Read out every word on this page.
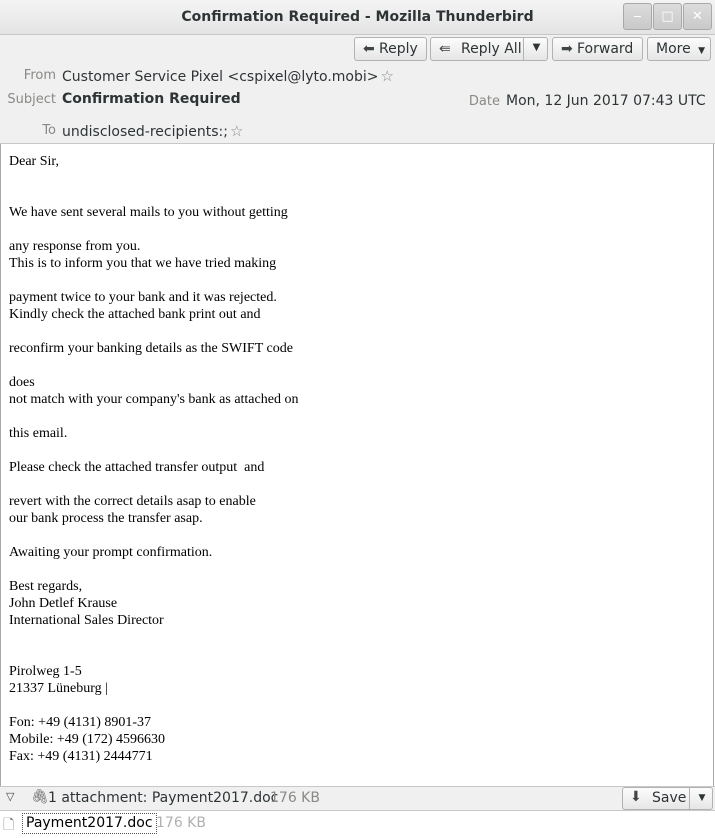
Confirmation Required - Mozilla Thunderbird	‒	□	✕
⬅ Reply	⇚ Reply All	▼	➡ Forward	More ▼
From Customer Service Pixel <cspixel@lyto.mobi> ☆
Subject Confirmation Required	Date Mon, 12 Jun 2017 07:43 UTC
To undisclosed-recipients:; ☆
Dear Sir,
We have sent several mails to you without getting
any response from you.
This is to inform you that we have tried making
payment twice to your bank and it was rejected.
Kindly check the attached bank print out and
reconfirm your banking details as the SWIFT code
does
not match with your company's bank as attached on
this email.
Please check the attached transfer output  and
revert with the correct details asap to enable
our bank process the transfer asap.
Awaiting your prompt confirmation.
Best regards,
John Detlef Krause
International Sales Director
Pirolweg 1-5
21337 Lüneburg |
Fon: +49 (4131) 8901-37
Mobile: +49 (172) 4596630
Fax: +49 (4131) 2444771
▽ 🖇 1 attachment: Payment2017.doc
176 KB	⬇ Save	▼
🗋 Payment2017.doc 176 KB
